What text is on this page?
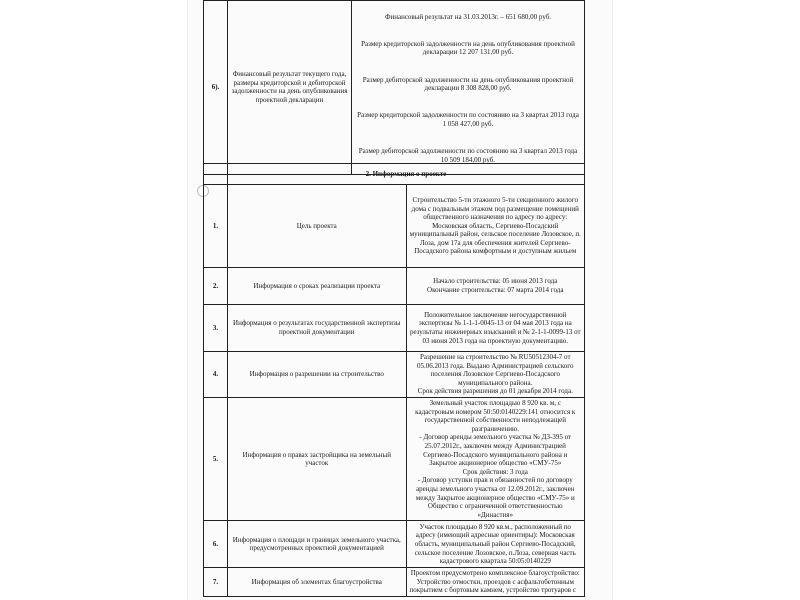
6).	Финансовый результат текущего года, размеры кредиторской и дебиторской задолженности на день опубликования проектной декларации	

Финансовый результат на 31.03.2013г. – 651 680,00 руб.

Размер кредиторской задолженности на день опубликования проектной декларации 12 207 131,00 руб.

Размер дебиторской задолженности на день опубликования проектной декларации 8 308 828,00 руб.

Размер кредиторской задолженности по состоянию на 3 квартал 2013 года
1 058 427,00 руб.

Размер дебиторской задолженности по состоянию на 3 квартал 2013 года
10 509 184,00 руб.

	2. Информация о проекте	
1.	Цель проекта	Строительство 5-ти этажного 5-ти секционного жилого дома с подвальным этажом под размещение помещений общественного назначения по адресу по адресу: Московская область, Сергиево-Посадский муниципальный район, сельское поселение Лозовское, п. Лоза, дом 17а для обеспечения жителей Сергиево-Посадского района комфортным и доступным жильем
2.	Информация о сроках реализации проекта	Начало строительства: 05 июня 2013 года
Окончание строительства: 07 марта 2014 года
3.	Информация о результатах государственной экспертизы проектной документации	Положительное заключение негосударственной экспертизы № 1-1-1-0045-13 от 04 мая 2013 года на результаты инженерных изысканий и № 2-1-1-0099-13 от 03 июня 2013 года на проектную документацию.
4.	Информация о разрешении на строительство	Разрешение на строительство № RU50512304-7 от 05.06.2013 года. Выдано Администрацией сельского поселения Лозовское Сергиево-Посадского муниципального района.
Срок действия разрешения до 01 декабря 2014 года.
5.	Информация о правах застройщика на земельный участок	Земельный участок площадью 8 920 кв. м, с кадастровым номером 50:50:0140229:141 относится к государственной собственности неподлежащей разграничению.
- Договор аренды земельного участка № ДЗ-395 от 25.07.2012г., заключен между Администрацией Сергиево-Посадского муниципального района и Закрытое акционерное общество «СМУ-75»
Срок действия: 3 года
- Договор уступки прав и обязанностей по договору аренды земельного участка от 12.09.2012г., заключен между Закрытое акционерное общество «СМУ-75» и Общество с ограниченной ответственностью «Династия»
6.	Информация о площади и границах земельного участка, предусмотренных проектной документацией	Участок площадью 8 920 кв.м., расположенный по адресу (имеющий адресные ориентиры): Московская область, муниципальный район Сергиево-Посадский, сельское поселение Лозовское, п.Лоза, северная часть кадастрового квартала 50:05:0140229
7.	Информация об элементах благоустройства	Проектом предусмотрено комплексное благоустройство: Устройство отмостки, проездов с асфальтобетонным покрытием с бортовым камнем, устройство тротуаров с
